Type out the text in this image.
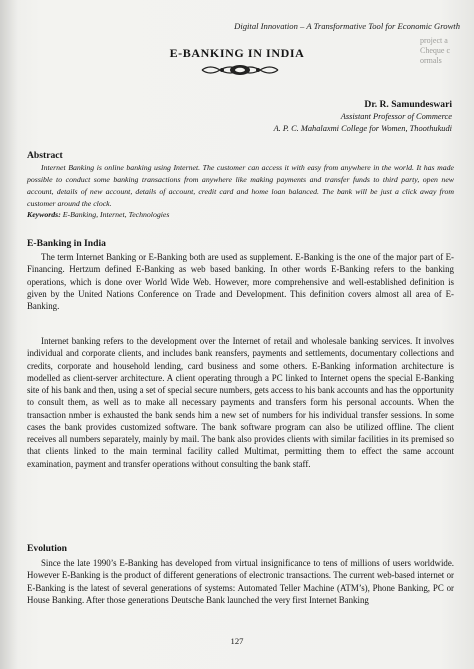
Digital Innovation – A Transformative Tool for Economic Growth
project a
Cheque c
ormals
E-BANKING IN INDIA
Dr. R. Samundeswari
Assistant Professor of Commerce
A. P. C. Mahalaxmi College for Women, Thoothukudi
Abstract
Internet Banking is online banking using Internet. The customer can access it with easy from anywhere in the world. It has made possible to conduct some banking transactions from anywhere like making payments and transfer funds to third party, open new account, details of new account, details of account, credit card and home loan balanced. The bank will be just a click away from customer around the clock.
Keywords: E-Banking, Internet, Technologies
E-Banking in India
The term Internet Banking or E-Banking both are used as supplement. E-Banking is the one of the major part of E-Financing. Hertzum defined E-Banking as web based banking. In other words E-Banking refers to the banking operations, which is done over World Wide Web. However, more comprehensive and well-established definition is given by the United Nations Conference on Trade and Development. This definition covers almost all area of E-Banking.
Internet banking refers to the development over the Internet of retail and wholesale banking services. It involves individual and corporate clients, and includes bank reansfers, payments and settlements, documentary collections and credits, corporate and household lending, card business and some others. E-Banking information architecture is modelled as client-server architecture. A client operating through a PC linked to Internet opens the special E-Banking site of his bank and then, using a set of special secure numbers, gets access to his bank accounts and has the opportunity to consult them, as well as to make all necessary payments and transfers form his personal accounts. When the transaction nmber is exhausted the bank sends him a new set of numbers for his individual transfer sessions. In some cases the bank provides customized software. The bank software program can also be utilized offline. The client receives all numbers separately, mainly by mail. The bank also provides clients with similar facilities in its premised so that clients linked to the main terminal facility called Multimat, permitting them to effect the same account examination, payment and transfer operations without consulting the bank staff.
Evolution
Since the late 1990’s E-Banking has developed from virtual insignificance to tens of millions of users worldwide. However E-Banking is the product of different generations of electronic transactions. The current web-based internet or E-Banking is the latest of several generations of systems: Automated Teller Machine (ATM’s), Phone Banking, PC or House Banking. After those generations Deutsche Bank launched the very first Internet Banking
127
